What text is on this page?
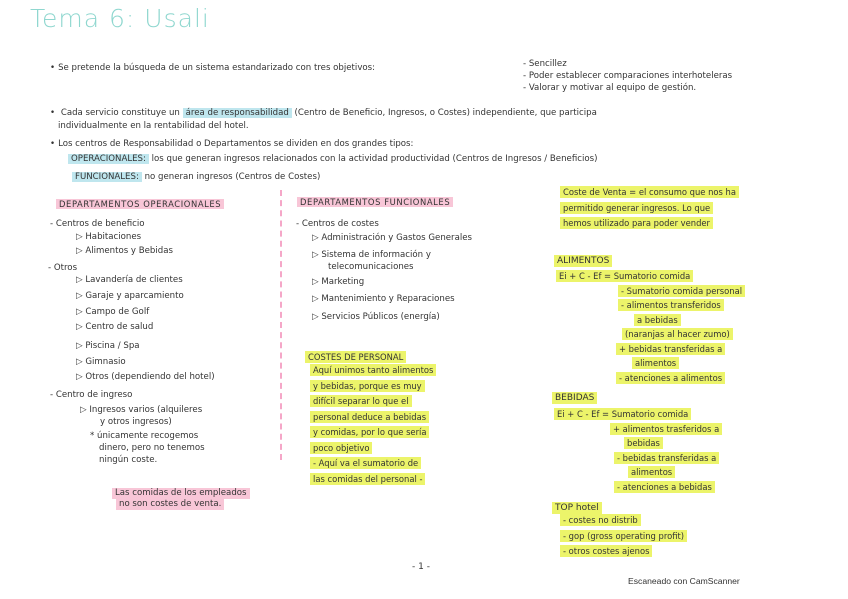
Tema 6: Usali
• Se pretende la búsqueda de un sistema estandarizado con tres objetivos:	- Sencillez
- Poder establecer comparaciones interhoteleras
- Valorar y motivar al equipo de gestión.
• Cada servicio constituye un área de responsabilidad (Centro de Beneficio, Ingresos, o Costes) independiente, que participa
individualmente en la rentabilidad del hotel.
• Los centros de Responsabilidad o Departamentos se dividen en dos grandes tipos:
OPERACIONALES: los que generan ingresos relacionados con la actividad productividad (Centros de Ingresos / Beneficios)
FUNCIONALES: no generan ingresos (Centros de Costes)
DEPARTAMENTOS OPERACIONALES
- Centros de beneficio
▷ Habitaciones
▷ Alimentos y Bebidas
- Otros
▷ Lavandería de clientes
▷ Garaje y aparcamiento
▷ Campo de Golf
▷ Centro de salud
▷ Piscina / Spa
▷ Gimnasio
▷ Otros (dependiendo del hotel)
- Centro de ingreso
▷ Ingresos varios (alquileres
y otros ingresos)
* únicamente recogemos
dinero, pero no tenemos
ningún coste.
Las comidas de los empleados
no son costes de venta.
DEPARTAMENTOS FUNCIONALES
- Centros de costes
▷ Administración y Gastos Generales
▷ Sistema de información y
telecomunicaciones
▷ Marketing
▷ Mantenimiento y Reparaciones
▷ Servicios Públicos (energía)
COSTES DE PERSONAL
Aquí unimos tanto alimentos
y bebidas, porque es muy
difícil separar lo que el
personal deduce a bebidas
y comidas, por lo que sería
poco objetivo
- Aquí va el sumatorio de
las comidas del personal -
Coste de Venta = el consumo que nos ha
permitido generar ingresos. Lo que
hemos utilizado para poder vender
ALIMENTOS
Ei + C - Ef = Sumatorio comida
- Sumatorio comida personal
- alimentos transferidos
a bebidas
(naranjas al hacer zumo)
+ bebidas transferidas a
alimentos
- atenciones a alimentos
BEBIDAS
Ei + C - Ef = Sumatorio comida
+ alimentos trasferidos a
bebidas
- bebidas transferidas a
alimentos
- atenciones a bebidas
TOP hotel
- costes no distrib
- gop (gross operating profit)
- otros costes ajenos
- 1 -
Escaneado con CamScanner
